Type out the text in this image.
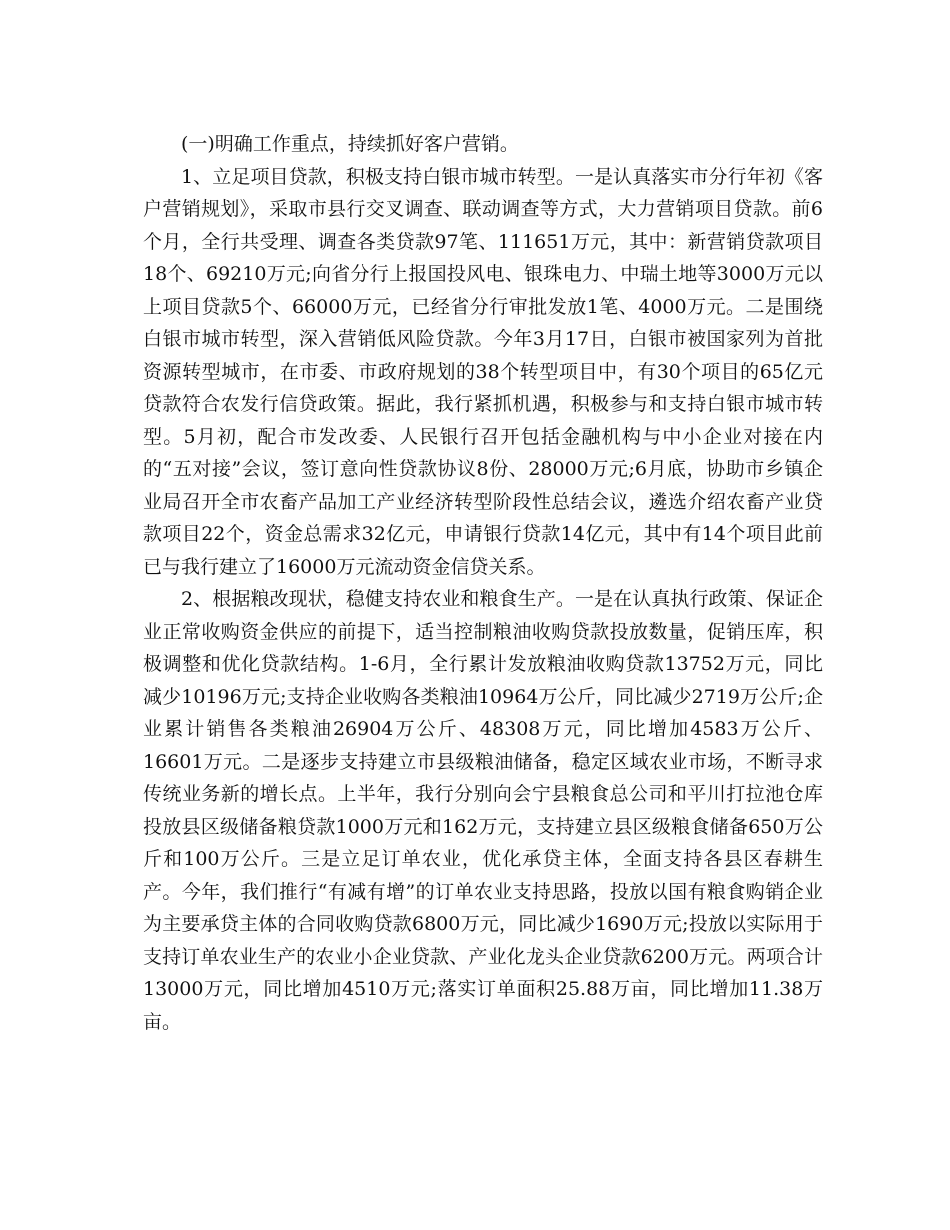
(一)明确工作重点，持续抓好客户营销。

1、立足项目贷款，积极支持白银市城市转型。一是认真落实市分行年初《客户营销规划》，采取市县行交叉调查、联动调查等方式，大力营销项目贷款。前6个月，全行共受理、调查各类贷款97笔、111651万元，其中：新营销贷款项目18个、69210万元;向省分行上报国投风电、银珠电力、中瑞土地等3000万元以上项目贷款5个、66000万元，已经省分行审批发放1笔、4000万元。二是围绕白银市城市转型，深入营销低风险贷款。今年3月17日，白银市被国家列为首批资源转型城市，在市委、市政府规划的38个转型项目中，有30个项目的65亿元贷款符合农发行信贷政策。据此，我行紧抓机遇，积极参与和支持白银市城市转型。5月初，配合市发改委、人民银行召开包括金融机构与中小企业对接在内的“五对接”会议，签订意向性贷款协议8份、28000万元;6月底，协助市乡镇企业局召开全市农畜产品加工产业经济转型阶段性总结会议，遴选介绍农畜产业贷款项目22个，资金总需求32亿元，申请银行贷款14亿元，其中有14个项目此前已与我行建立了16000万元流动资金信贷关系。

2、根据粮改现状，稳健支持农业和粮食生产。一是在认真执行政策、保证企业正常收购资金供应的前提下，适当控制粮油收购贷款投放数量，促销压库，积极调整和优化贷款结构。1-6月，全行累计发放粮油收购贷款13752万元，同比减少10196万元;支持企业收购各类粮油10964万公斤，同比减少2719万公斤;企业累计销售各类粮油26904万公斤、48308万元，同比增加4583万公斤、16601万元。二是逐步支持建立市县级粮油储备，稳定区域农业市场，不断寻求传统业务新的增长点。上半年，我行分别向会宁县粮食总公司和平川打拉池仓库投放县区级储备粮贷款1000万元和162万元，支持建立县区级粮食储备650万公斤和100万公斤。三是立足订单农业，优化承贷主体，全面支持各县区春耕生产。今年，我们推行“有减有增”的订单农业支持思路，投放以国有粮食购销企业为主要承贷主体的合同收购贷款6800万元，同比减少1690万元;投放以实际用于支持订单农业生产的农业小企业贷款、产业化龙头企业贷款6200万元。两项合计13000万元，同比增加4510万元;落实订单面积25.88万亩，同比增加11.38万亩。
